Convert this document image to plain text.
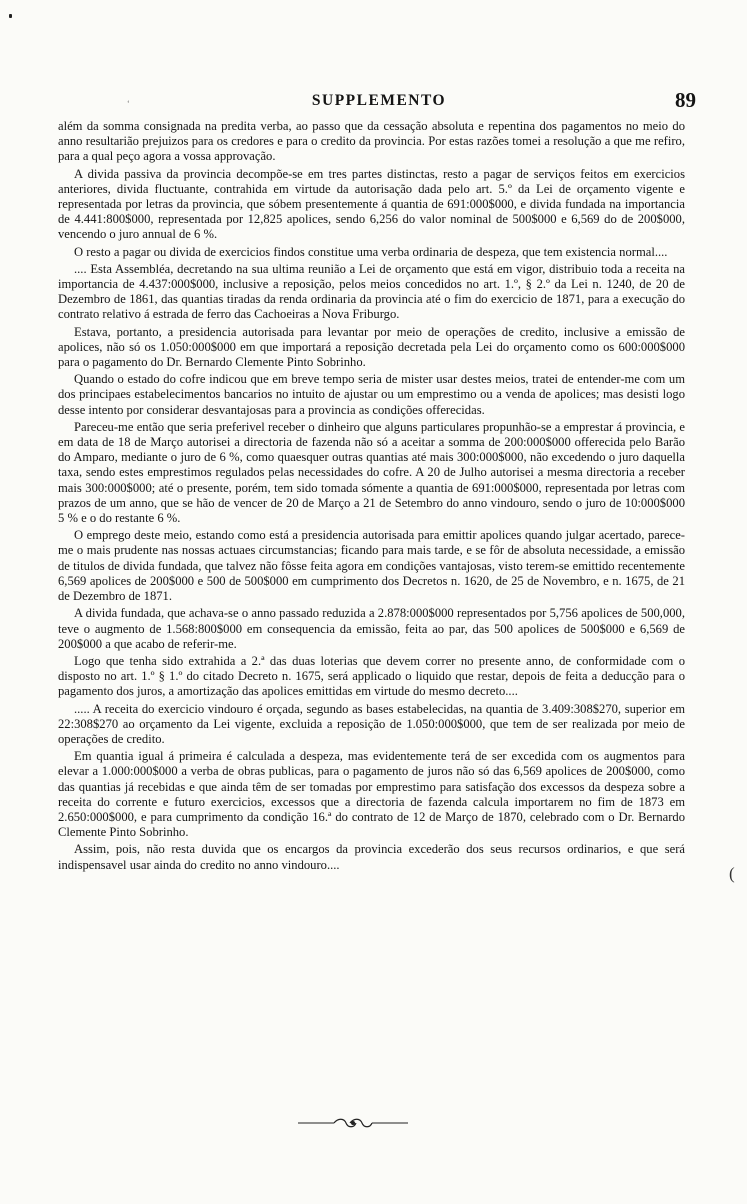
ʻ	SUPPLEMENTO	89

além da somma consignada na predita verba, ao passo que da cessação absoluta e repentina dos pagamentos no meio do anno resultarião prejuizos para os credores e para o credito da provincia. Por estas razões tomei a resolução a que me refiro, para a qual peço agora a vossa approvação.

A divida passiva da provincia decompõe-se em tres partes distinctas, resto a pagar de serviços feitos em exercicios anteriores, divida fluctuante, contrahida em virtude da autorisação dada pelo art. 5.º da Lei de orçamento vigente e representada por letras da provincia, que sóbem presentemente á quantia de 691:000$000, e divida fundada na importancia de 4.441:800$000, representada por 12,825 apolices, sendo 6,256 do valor nominal de 500$000 e 6,569 do de 200$000, vencendo o juro annual de 6 %.

O resto a pagar ou divida de exercicios findos constitue uma verba ordinaria de despeza, que tem existencia normal....

.... Esta Assembléa, decretando na sua ultima reunião a Lei de orçamento que está em vigor, distribuio toda a receita na importancia de 4.437:000$000, inclusive a reposição, pelos meios concedidos no art. 1.º, § 2.º da Lei n. 1240, de 20 de Dezembro de 1861, das quantias tiradas da renda ordinaria da provincia até o fim do exercicio de 1871, para a execução do contrato relativo á estrada de ferro das Cachoeiras a Nova Friburgo.

Estava, portanto, a presidencia autorisada para levantar por meio de operações de credito, inclusive a emissão de apolices, não só os 1.050:000$000 em que importará a reposição decretada pela Lei do orçamento como os 600:000$000 para o pagamento do Dr. Bernardo Clemente Pinto Sobrinho.

Quando o estado do cofre indicou que em breve tempo seria de mister usar destes meios, tratei de entender-me com um dos principaes estabelecimentos bancarios no intuito de ajustar ou um emprestimo ou a venda de apolices; mas desisti logo desse intento por considerar desvantajosas para a provincia as condições offerecidas.

Pareceu-me então que seria preferivel receber o dinheiro que alguns particulares propunhão-se a emprestar á provincia, e em data de 18 de Março autorisei a directoria de fazenda não só a aceitar a somma de 200:000$000 offerecida pelo Barão do Amparo, mediante o juro de 6 %, como quaesquer outras quantias até mais 300:000$000, não excedendo o juro daquella taxa, sendo estes emprestimos regulados pelas necessidades do cofre. A 20 de Julho autorisei a mesma directoria a receber mais 300:000$000; até o presente, porém, tem sido tomada sómente a quantia de 691:000$000, representada por letras com prazos de um anno, que se hão de vencer de 20 de Março a 21 de Setembro do anno vindouro, sendo o juro de 10:000$000 5 % e o do restante 6 %.

O emprego deste meio, estando como está a presidencia autorisada para emittir apolices quando julgar acertado, parece-me o mais prudente nas nossas actuaes circumstancias; ficando para mais tarde, e se fôr de absoluta necessidade, a emissão de titulos de divida fundada, que talvez não fôsse feita agora em condições vantajosas, visto terem-se emittido recentemente 6,569 apolices de 200$000 e 500 de 500$000 em cumprimento dos Decretos n. 1620, de 25 de Novembro, e n. 1675, de 21 de Dezembro de 1871.

A divida fundada, que achava-se o anno passado reduzida a 2.878:000$000 representados por 5,756 apolices de 500,000, teve o augmento de 1.568:800$000 em consequencia da emissão, feita ao par, das 500 apolices de 500$000 e 6,569 de 200$000 a que acabo de referir-me.

Logo que tenha sido extrahida a 2.ª das duas loterias que devem correr no presente anno, de conformidade com o disposto no art. 1.º § 1.º do citado Decreto n. 1675, será applicado o liquido que restar, depois de feita a deducção para o pagamento dos juros, a amortização das apolices emittidas em virtude do mesmo decreto....

..... A receita do exercicio vindouro é orçada, segundo as bases estabelecidas, na quantia de 3.409:308$270, superior em 22:308$270 ao orçamento da Lei vigente, excluida a reposição de 1.050:000$000, que tem de ser realizada por meio de operações de credito.

Em quantia igual á primeira é calculada a despeza, mas evidentemente terá de ser excedida com os augmentos para elevar a 1.000:000$000 a verba de obras publicas, para o pagamento de juros não só das 6,569 apolices de 200$000, como das quantias já recebidas e que ainda têm de ser tomadas por emprestimo para satisfação dos excessos da despeza sobre a receita do corrente e futuro exercicios, excessos que a directoria de fazenda calcula importarem no fim de 1873 em 2.650:000$000, e para cumprimento da condição 16.ª do contrato de 12 de Março de 1870, celebrado com o Dr. Bernardo Clemente Pinto Sobrinho.

Assim, pois, não resta duvida que os encargos da provincia excederão dos seus recursos ordinarios, e que será indispensavel usar ainda do credito no anno vindouro....	(
